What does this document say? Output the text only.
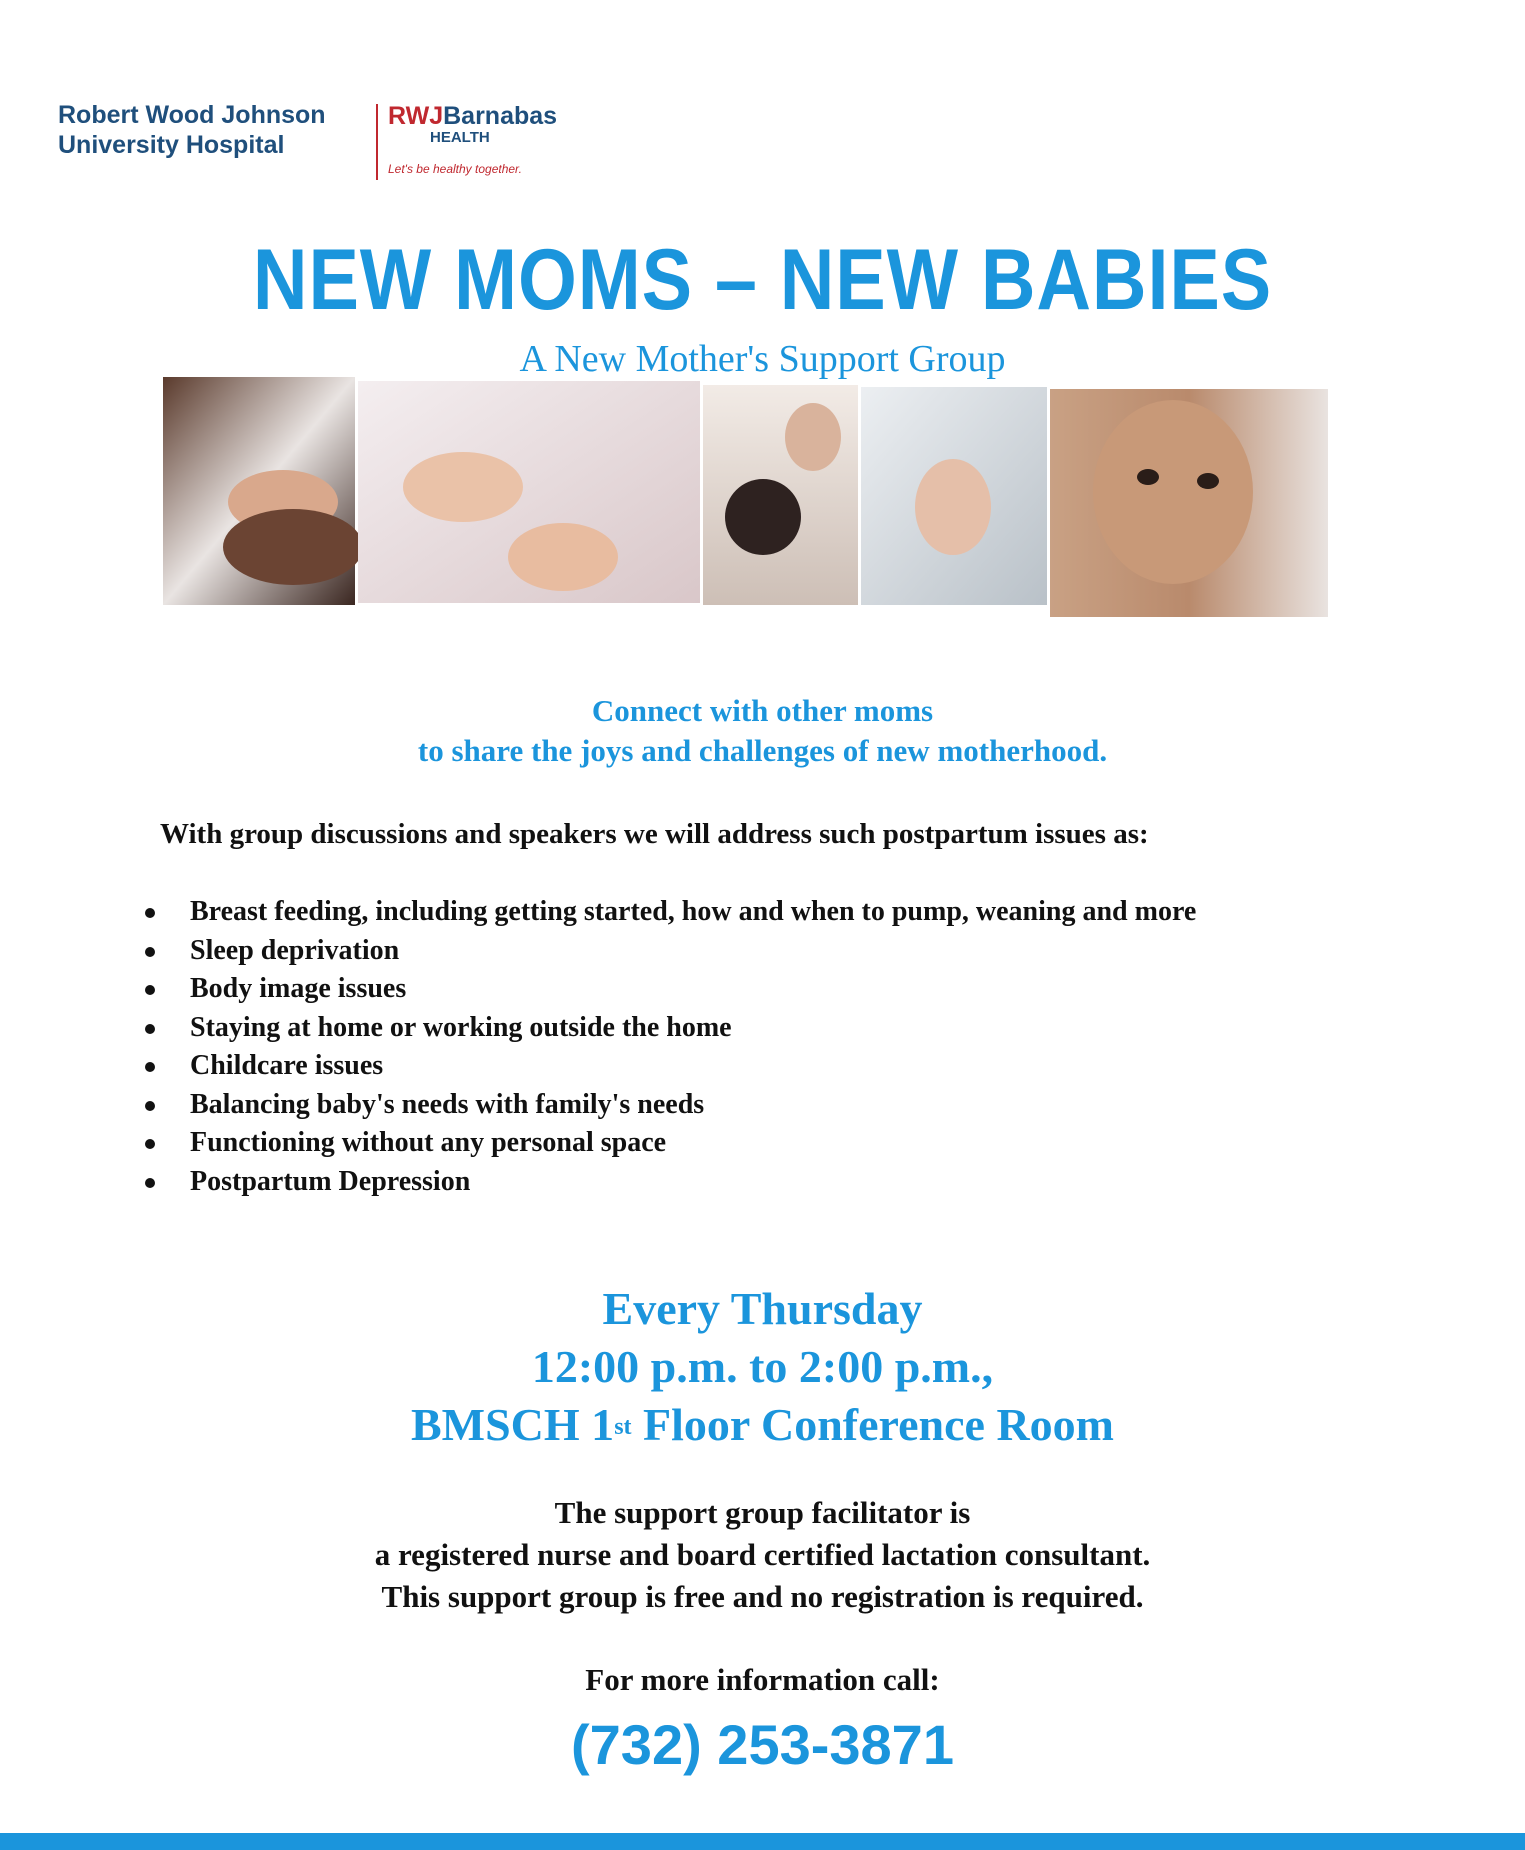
Robert Wood Johnson
University Hospital
RWJBarnabas
HEALTH
Let's be healthy together.
NEW MOMS – NEW BABIES
A New Mother's Support Group
Connect with other moms
to share the joys and challenges of new motherhood.
With group discussions and speakers we will address such postpartum issues as:
Breast feeding, including getting started, how and when to pump, weaning and more
Sleep deprivation
Body image issues
Staying at home or working outside the home
Childcare issues
Balancing baby's needs with family's needs
Functioning without any personal space
Postpartum Depression
Every Thursday
12:00 p.m. to 2:00 p.m.,
BMSCH 1st Floor Conference Room
The support group facilitator is
a registered nurse and board certified lactation consultant.
This support group is free and no registration is required.
For more information call:
(732) 253-3871
